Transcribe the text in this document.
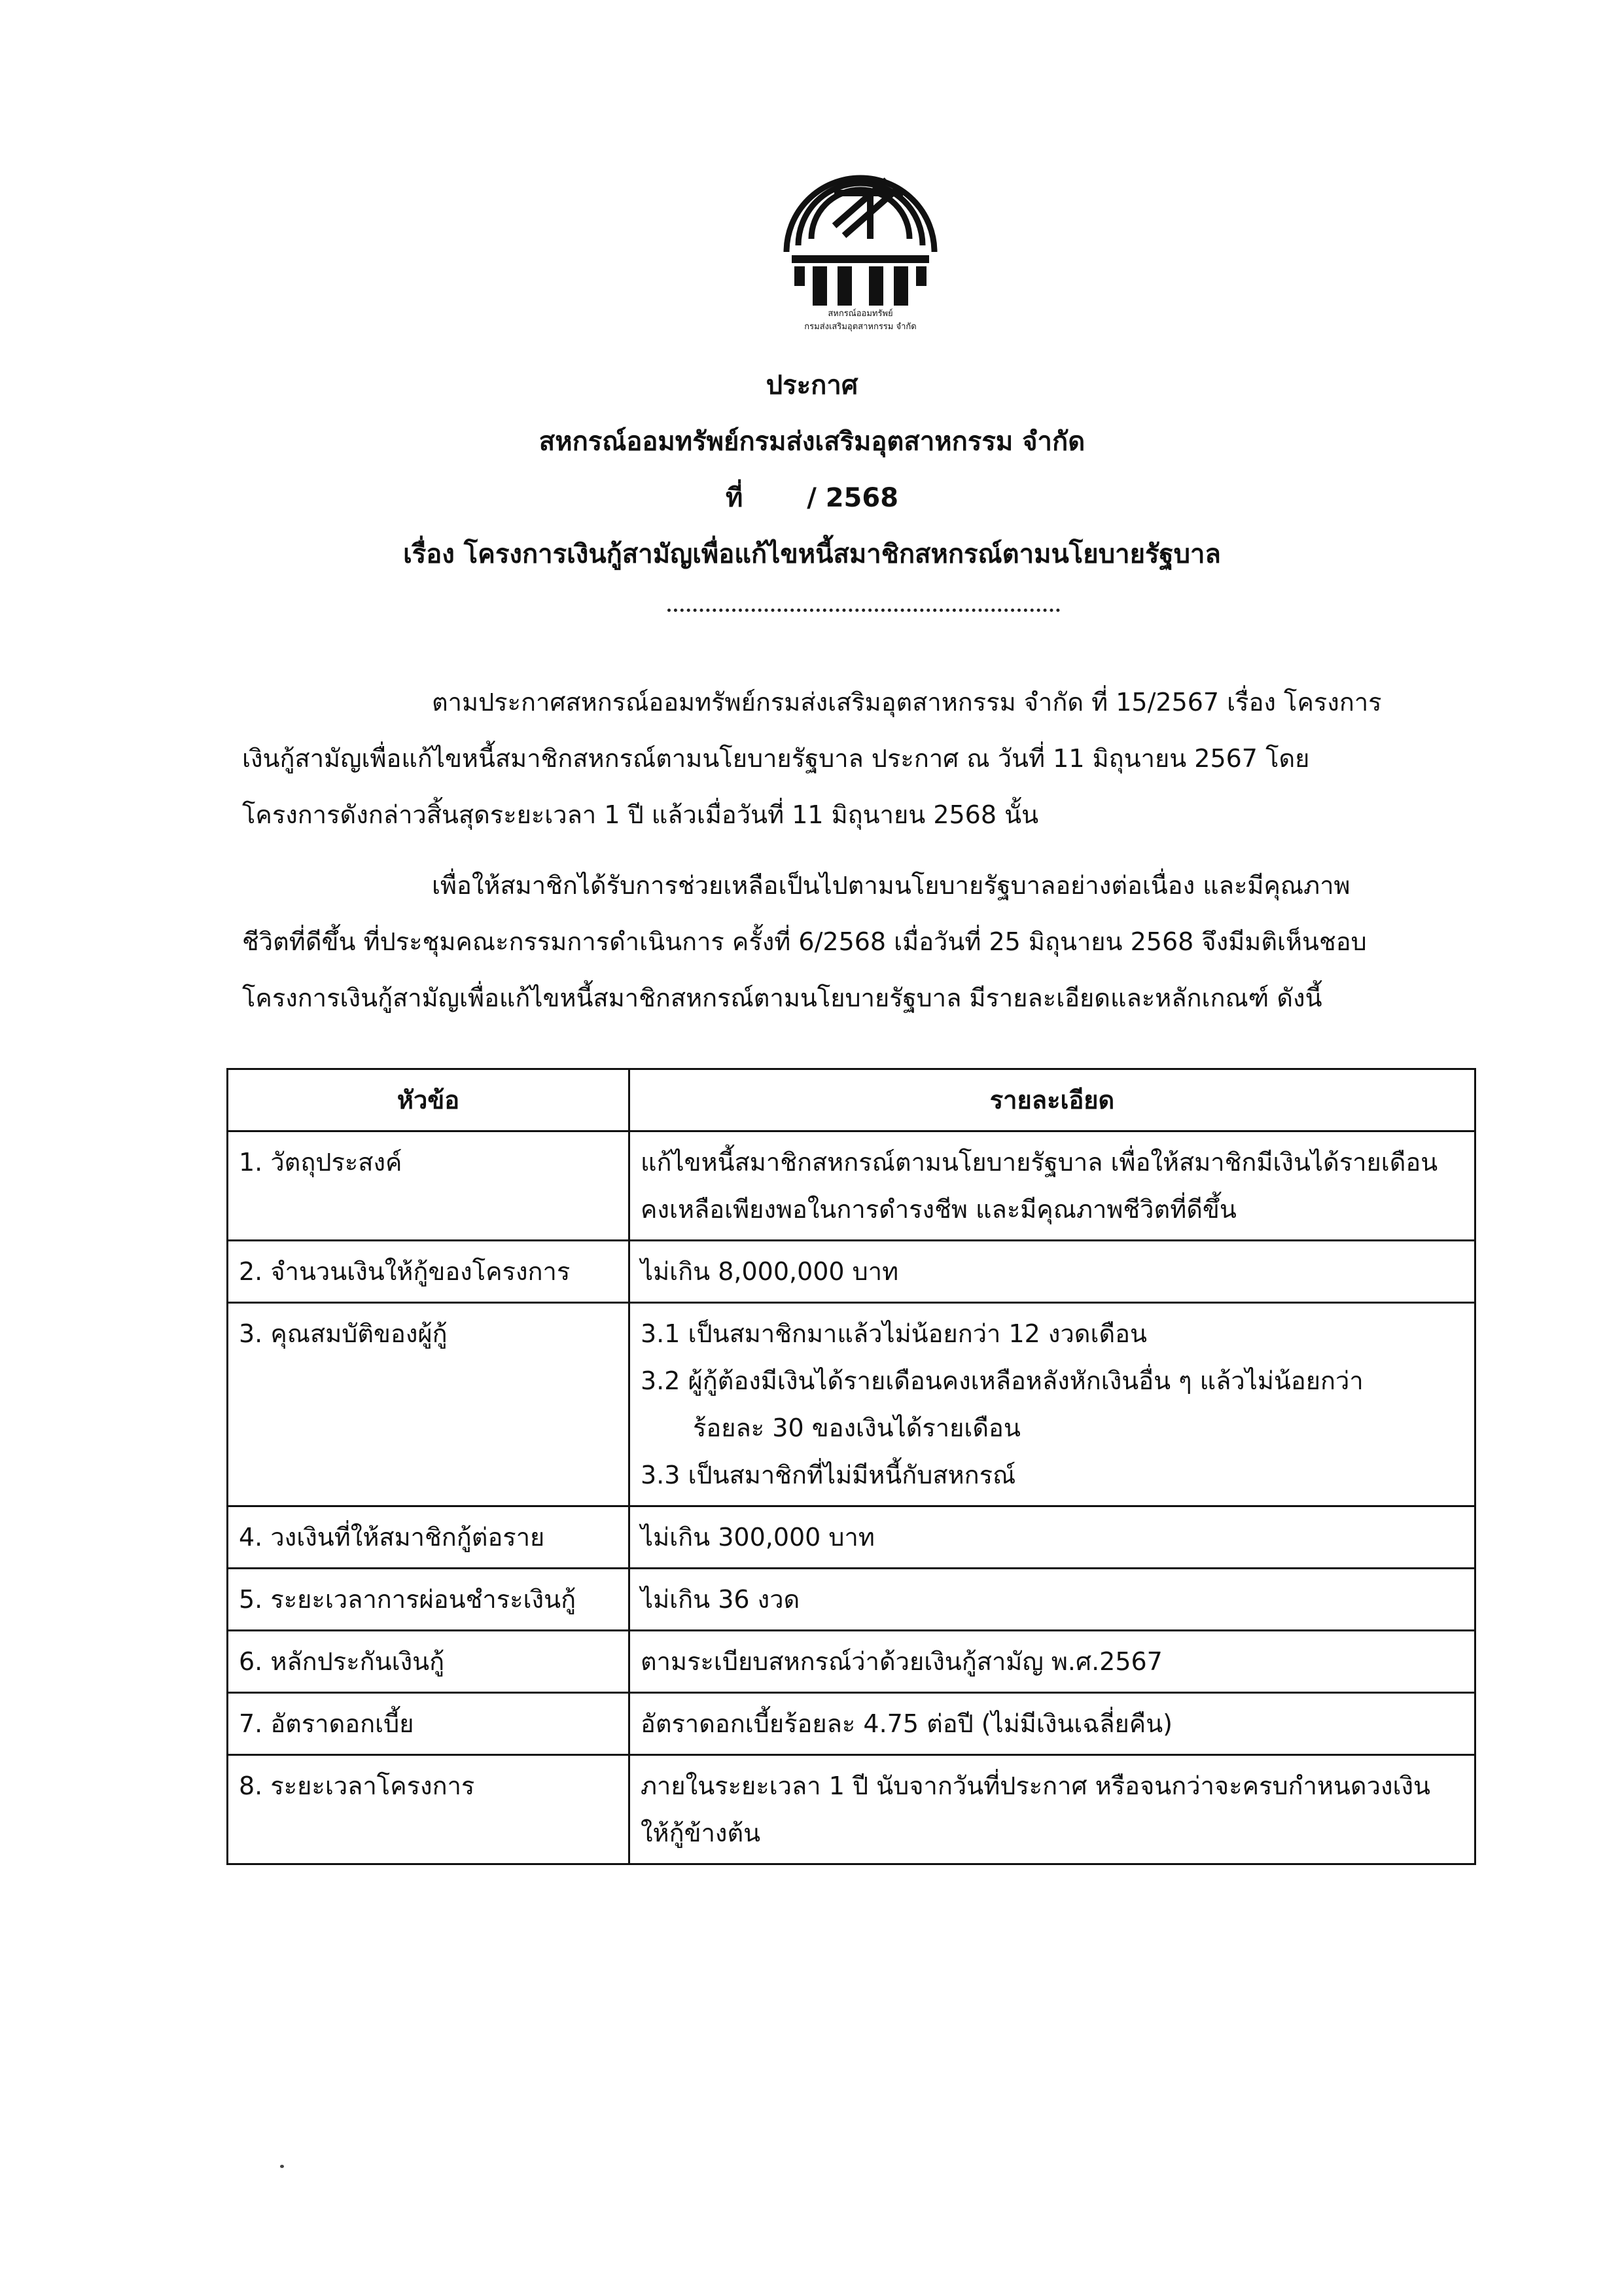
สหกรณ์ออมทรัพย์
กรมส่งเสริมอุตสาหกรรม จำกัด
ประกาศ
สหกรณ์ออมทรัพย์กรมส่งเสริมอุตสาหกรรม จำกัด
ที่ / 2568
เรื่อง โครงการเงินกู้สามัญเพื่อแก้ไขหนี้สมาชิกสหกรณ์ตามนโยบายรัฐบาล
ตามประกาศสหกรณ์ออมทรัพย์กรมส่งเสริมอุตสาหกรรม จำกัด ที่ 15/2567 เรื่อง โครงการ
เงินกู้สามัญเพื่อแก้ไขหนี้สมาชิกสหกรณ์ตามนโยบายรัฐบาล ประกาศ ณ วันที่ 11 มิถุนายน 2567 โดย
โครงการดังกล่าวสิ้นสุดระยะเวลา 1 ปี แล้วเมื่อวันที่ 11 มิถุนายน 2568 นั้น
เพื่อให้สมาชิกได้รับการช่วยเหลือเป็นไปตามนโยบายรัฐบาลอย่างต่อเนื่อง และมีคุณภาพ
ชีวิตที่ดีขึ้น ที่ประชุมคณะกรรมการดำเนินการ ครั้งที่ 6/2568 เมื่อวันที่ 25 มิถุนายน 2568 จึงมีมติเห็นชอบ
โครงการเงินกู้สามัญเพื่อแก้ไขหนี้สมาชิกสหกรณ์ตามนโยบายรัฐบาล มีรายละเอียดและหลักเกณฑ์ ดังนี้
หัวข้อ	รายละเอียด
1. วัตถุประสงค์	แก้ไขหนี้สมาชิกสหกรณ์ตามนโยบายรัฐบาล เพื่อให้สมาชิกมีเงินได้รายเดือน
คงเหลือเพียงพอในการดำรงชีพ และมีคุณภาพชีวิตที่ดีขึ้น

2. จำนวนเงินให้กู้ของโครงการ	ไม่เกิน 8,000,000 บาท

3. คุณสมบัติของผู้กู้	3.1 เป็นสมาชิกมาแล้วไม่น้อยกว่า 12 งวดเดือน
3.2 ผู้กู้ต้องมีเงินได้รายเดือนคงเหลือหลังหักเงินอื่น ๆ แล้วไม่น้อยกว่า
ร้อยละ 30 ของเงินได้รายเดือน
3.3 เป็นสมาชิกที่ไม่มีหนี้กับสหกรณ์

4. วงเงินที่ให้สมาชิกกู้ต่อราย	ไม่เกิน 300,000 บาท

5. ระยะเวลาการผ่อนชำระเงินกู้	ไม่เกิน 36 งวด

6. หลักประกันเงินกู้	ตามระเบียบสหกรณ์ว่าด้วยเงินกู้สามัญ พ.ศ.2567

7. อัตราดอกเบี้ย	อัตราดอกเบี้ยร้อยละ 4.75 ต่อปี (ไม่มีเงินเฉลี่ยคืน)

8. ระยะเวลาโครงการ	ภายในระยะเวลา 1 ปี นับจากวันที่ประกาศ หรือจนกว่าจะครบกำหนดวงเงิน
ให้กู้ข้างต้น
